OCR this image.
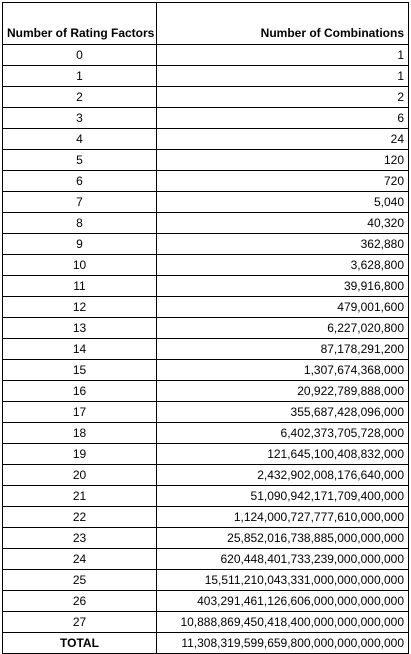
Number of Rating Factors	Number of Combinations
0	1
1	1
2	2
3	6
4	24
5	120
6	720
7	5,040
8	40,320
9	362,880
10	3,628,800
11	39,916,800
12	479,001,600
13	6,227,020,800
14	87,178,291,200
15	1,307,674,368,000
16	20,922,789,888,000
17	355,687,428,096,000
18	6,402,373,705,728,000
19	121,645,100,408,832,000
20	2,432,902,008,176,640,000
21	51,090,942,171,709,400,000
22	1,124,000,727,777,610,000,000
23	25,852,016,738,885,000,000,000
24	620,448,401,733,239,000,000,000
25	15,511,210,043,331,000,000,000,000
26	403,291,461,126,606,000,000,000,000
27	10,888,869,450,418,400,000,000,000,000
TOTAL	11,308,319,599,659,800,000,000,000,000
